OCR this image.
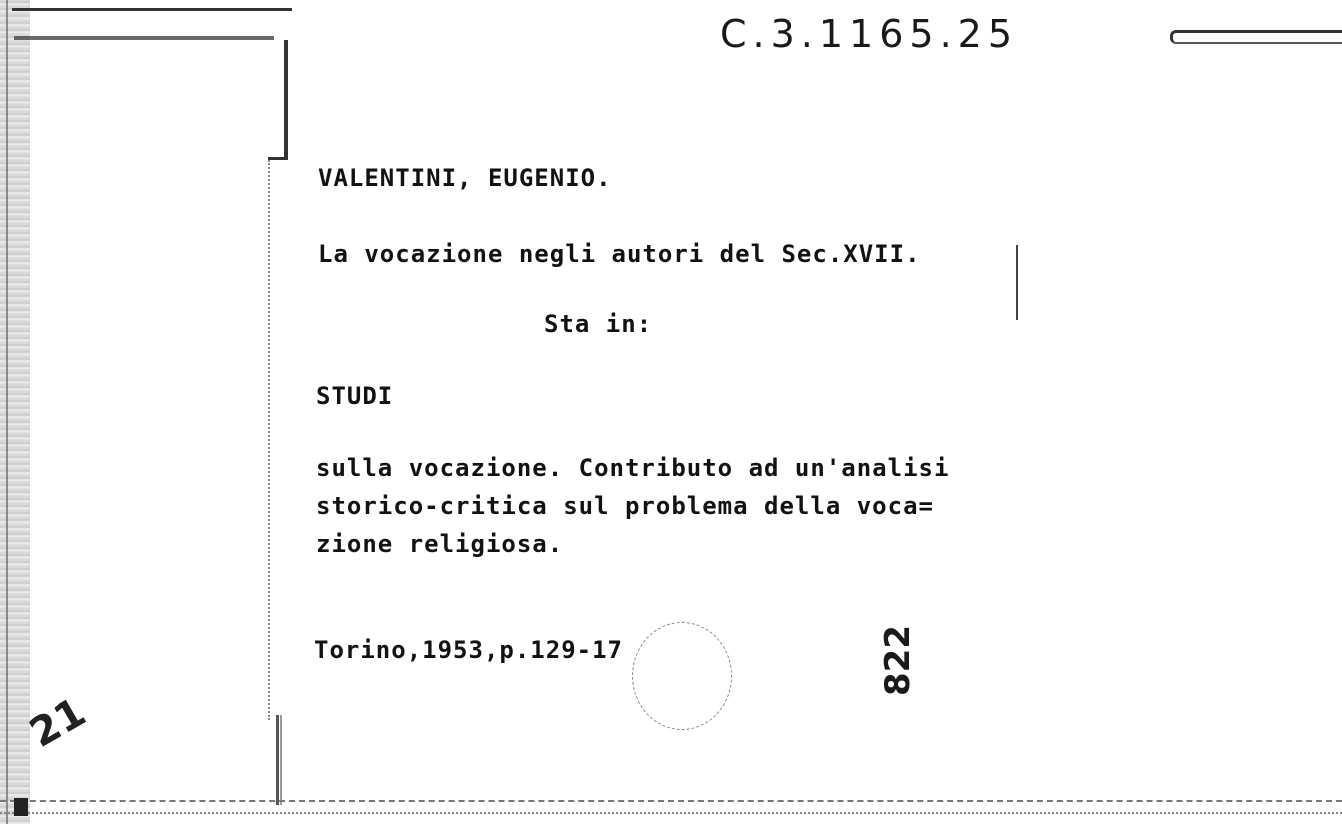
C.3.1165.25
VALENTINI, EUGENIO.
La vocazione negli autori del Sec.XVII.
Sta in:
STUDI
sulla vocazione. Contributo ad un'analisi
storico-critica sul problema della voca=
zione religiosa.
Torino,1953,p.129-17	822
21
